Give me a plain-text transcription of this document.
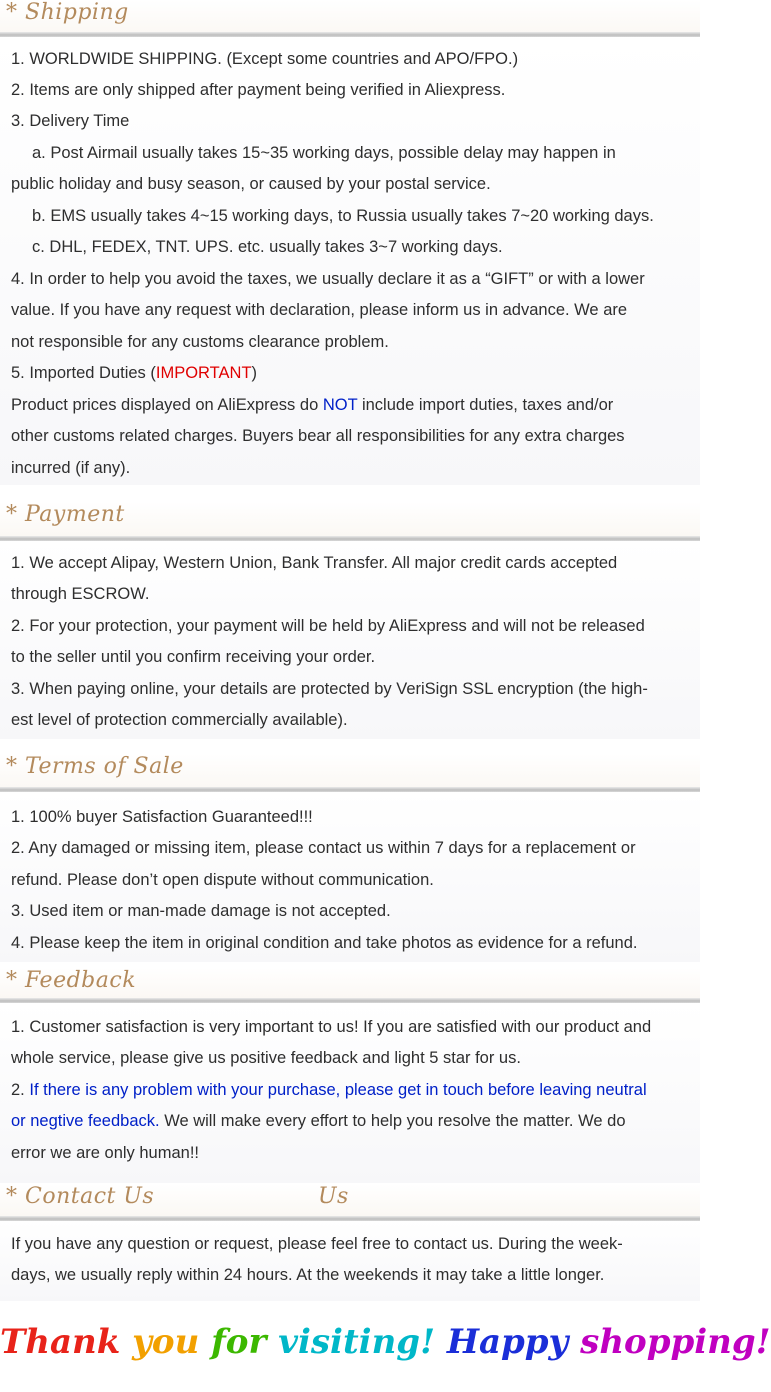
* Shipping
1. WORLDWIDE SHIPPING. (Except some countries and APO/FPO.)
2. Items are only shipped after payment being verified in Aliexpress.
3. Delivery Time
a. Post Airmail usually takes 15~35 working days, possible delay may happen in
public holiday and busy season, or caused by your postal service.
b. EMS usually takes 4~15 working days, to Russia usually takes 7~20 working days.
c. DHL, FEDEX, TNT. UPS. etc. usually takes 3~7 working days.
4. In order to help you avoid the taxes, we usually declare it as a “GIFT” or with a lower
value. If you have any request with declaration, please inform us in advance. We are
not responsible for any customs clearance problem.
5. Imported Duties (IMPORTANT)
Product prices displayed on AliExpress do NOT include import duties, taxes and/or
other customs related charges. Buyers bear all responsibilities for any extra charges
incurred (if any).
* Payment
1. We accept Alipay, Western Union, Bank Transfer. All major credit cards accepted
through ESCROW.
2. For your protection, your payment will be held by AliExpress and will not be released
to the seller until you confirm receiving your order.
3. When paying online, your details are protected by VeriSign SSL encryption (the high-
est level of protection commercially available).
* Terms of Sale
1. 100% buyer Satisfaction Guaranteed!!!
2. Any damaged or missing item, please contact us within 7 days for a replacement or
refund. Please don’t open dispute without communication.
3. Used item or man-made damage is not accepted.
4. Please keep the item in original condition and take photos as evidence for a refund.
* Feedback
1. Customer satisfaction is very important to us! If you are satisfied with our product and
whole service, please give us positive feedback and light 5 star for us.
2. If there is any problem with your purchase, please get in touch before leaving neutral
or negtive feedback. We will make every effort to help you resolve the matter. We do
error we are only human!!
* Contact Us	Us
If you have any question or request, please feel free to contact us. During the week-
days, we usually reply within 24 hours. At the weekends it may take a little longer.
Thank you for visiting! Happy shopping!
